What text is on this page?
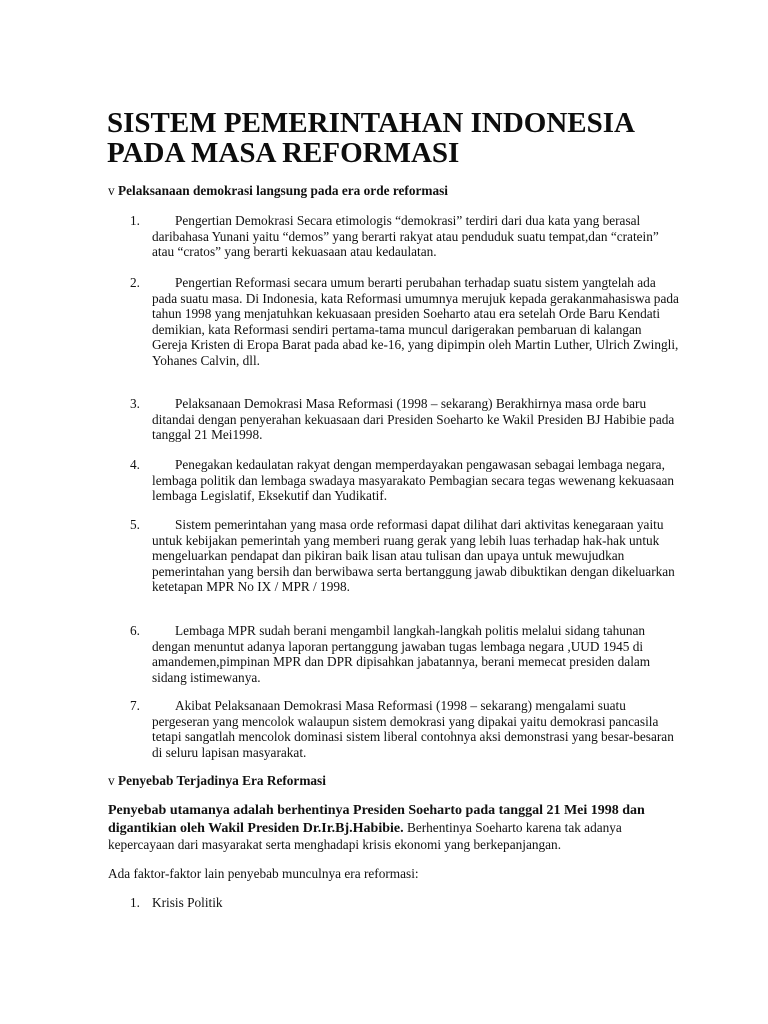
SISTEM PEMERINTAHAN INDONESIA
PADA MASA REFORMASI

v Pelaksanaan demokrasi langsung pada era orde reformasi

1.	Pengertian Demokrasi Secara etimologis “demokrasi” terdiri dari dua kata yang berasal daribahasa Yunani yaitu “demos” yang berarti rakyat atau penduduk suatu tempat,dan “cratein” atau “cratos” yang berarti kekuasaan atau kedaulatan.
2.	Pengertian Reformasi secara umum berarti perubahan terhadap suatu sistem yangtelah ada pada suatu masa. Di Indonesia, kata Reformasi umumnya merujuk kepada gerakanmahasiswa pada tahun 1998 yang menjatuhkan kekuasaan presiden Soeharto atau era setelah Orde Baru Kendati demikian, kata Reformasi sendiri pertama-tama muncul darigerakan pembaruan di kalangan Gereja Kristen di Eropa Barat pada abad ke-16, yang dipimpin oleh Martin Luther, Ulrich Zwingli, Yohanes Calvin, dll.
3.	Pelaksanaan Demokrasi Masa Reformasi (1998 – sekarang) Berakhirnya masa orde baru ditandai dengan penyerahan kekuasaan dari Presiden Soeharto ke Wakil Presiden BJ Habibie pada tanggal 21 Mei1998.
4.	Penegakan kedaulatan rakyat dengan memperdayakan pengawasan sebagai lembaga negara, lembaga politik dan lembaga swadaya masyarakato Pembagian secara tegas wewenang kekuasaan lembaga Legislatif, Eksekutif dan Yudikatif.
5.	Sistem pemerintahan yang masa orde reformasi dapat dilihat dari aktivitas kenegaraan yaitu untuk kebijakan pemerintah yang memberi ruang gerak yang lebih luas terhadap hak-hak untuk mengeluarkan pendapat dan pikiran baik lisan atau tulisan dan upaya untuk mewujudkan pemerintahan yang bersih dan berwibawa serta bertanggung jawab dibuktikan dengan dikeluarkan ketetapan MPR No IX / MPR / 1998.
6.	Lembaga MPR sudah berani mengambil langkah-langkah politis melalui sidang tahunan dengan menuntut adanya laporan pertanggung jawaban tugas lembaga negara ,UUD 1945 di amandemen,pimpinan MPR dan DPR dipisahkan jabatannya, berani memecat presiden dalam sidang istimewanya.
7.	Akibat Pelaksanaan Demokrasi Masa Reformasi (1998 – sekarang) mengalami suatu pergeseran yang mencolok walaupun sistem demokrasi yang dipakai yaitu demokrasi pancasila tetapi sangatlah mencolok dominasi sistem liberal contohnya aksi demonstrasi yang besar-besaran di seluru lapisan masyarakat.

v Penyebab Terjadinya Era Reformasi

Penyebab utamanya adalah berhentinya Presiden Soeharto pada tanggal 21 Mei 1998 dan digantikian oleh Wakil Presiden Dr.Ir.Bj.Habibie. Berhentinya Soeharto karena tak adanya kepercayaan dari masyarakat serta menghadapi krisis ekonomi yang berkepanjangan.

Ada faktor-faktor lain penyebab munculnya era reformasi:

1. Krisis Politik
